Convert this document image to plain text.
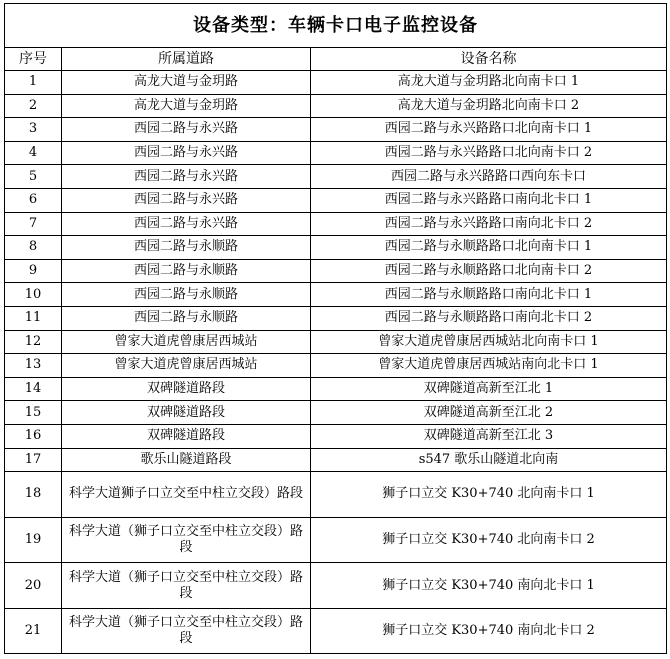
设备类型：车辆卡口电子监控设备		
序号	所属道路	设备名称
1	高龙大道与金玥路	高龙大道与金玥路北向南卡口 1
2	高龙大道与金玥路	高龙大道与金玥路北向南卡口 2
3	西园二路与永兴路	西园二路与永兴路路口北向南卡口 1
4	西园二路与永兴路	西园二路与永兴路路口北向南卡口 2
5	西园二路与永兴路	西园二路与永兴路路口西向东卡口
6	西园二路与永兴路	西园二路与永兴路路口南向北卡口 1
7	西园二路与永兴路	西园二路与永兴路路口南向北卡口 2
8	西园二路与永顺路	西园二路与永顺路路口北向南卡口 1
9	西园二路与永顺路	西园二路与永顺路路口北向南卡口 2
10	西园二路与永顺路	西园二路与永顺路路口南向北卡口 1
11	西园二路与永顺路	西园二路与永顺路路口南向北卡口 2
12	曾家大道虎曾康居西城站	曾家大道虎曾康居西城站北向南卡口 1
13	曾家大道虎曾康居西城站	曾家大道虎曾康居西城站南向北卡口 1
14	双碑隧道路段	双碑隧道高新至江北 1
15	双碑隧道路段	双碑隧道高新至江北 2
16	双碑隧道路段	双碑隧道高新至江北 3
17	歌乐山隧道路段	s547 歌乐山隧道北向南
18	科学大道狮子口立交至中柱立交段）路段	狮子口立交 K30+740 北向南卡口 1
19	科学大道（狮子口立交至中柱立交段）路段	狮子口立交 K30+740 北向南卡口 2
20	科学大道（狮子口立交至中柱立交段）路段	狮子口立交 K30+740 南向北卡口 1
21	科学大道（狮子口立交至中柱立交段）路段	狮子口立交 K30+740 南向北卡口 2
